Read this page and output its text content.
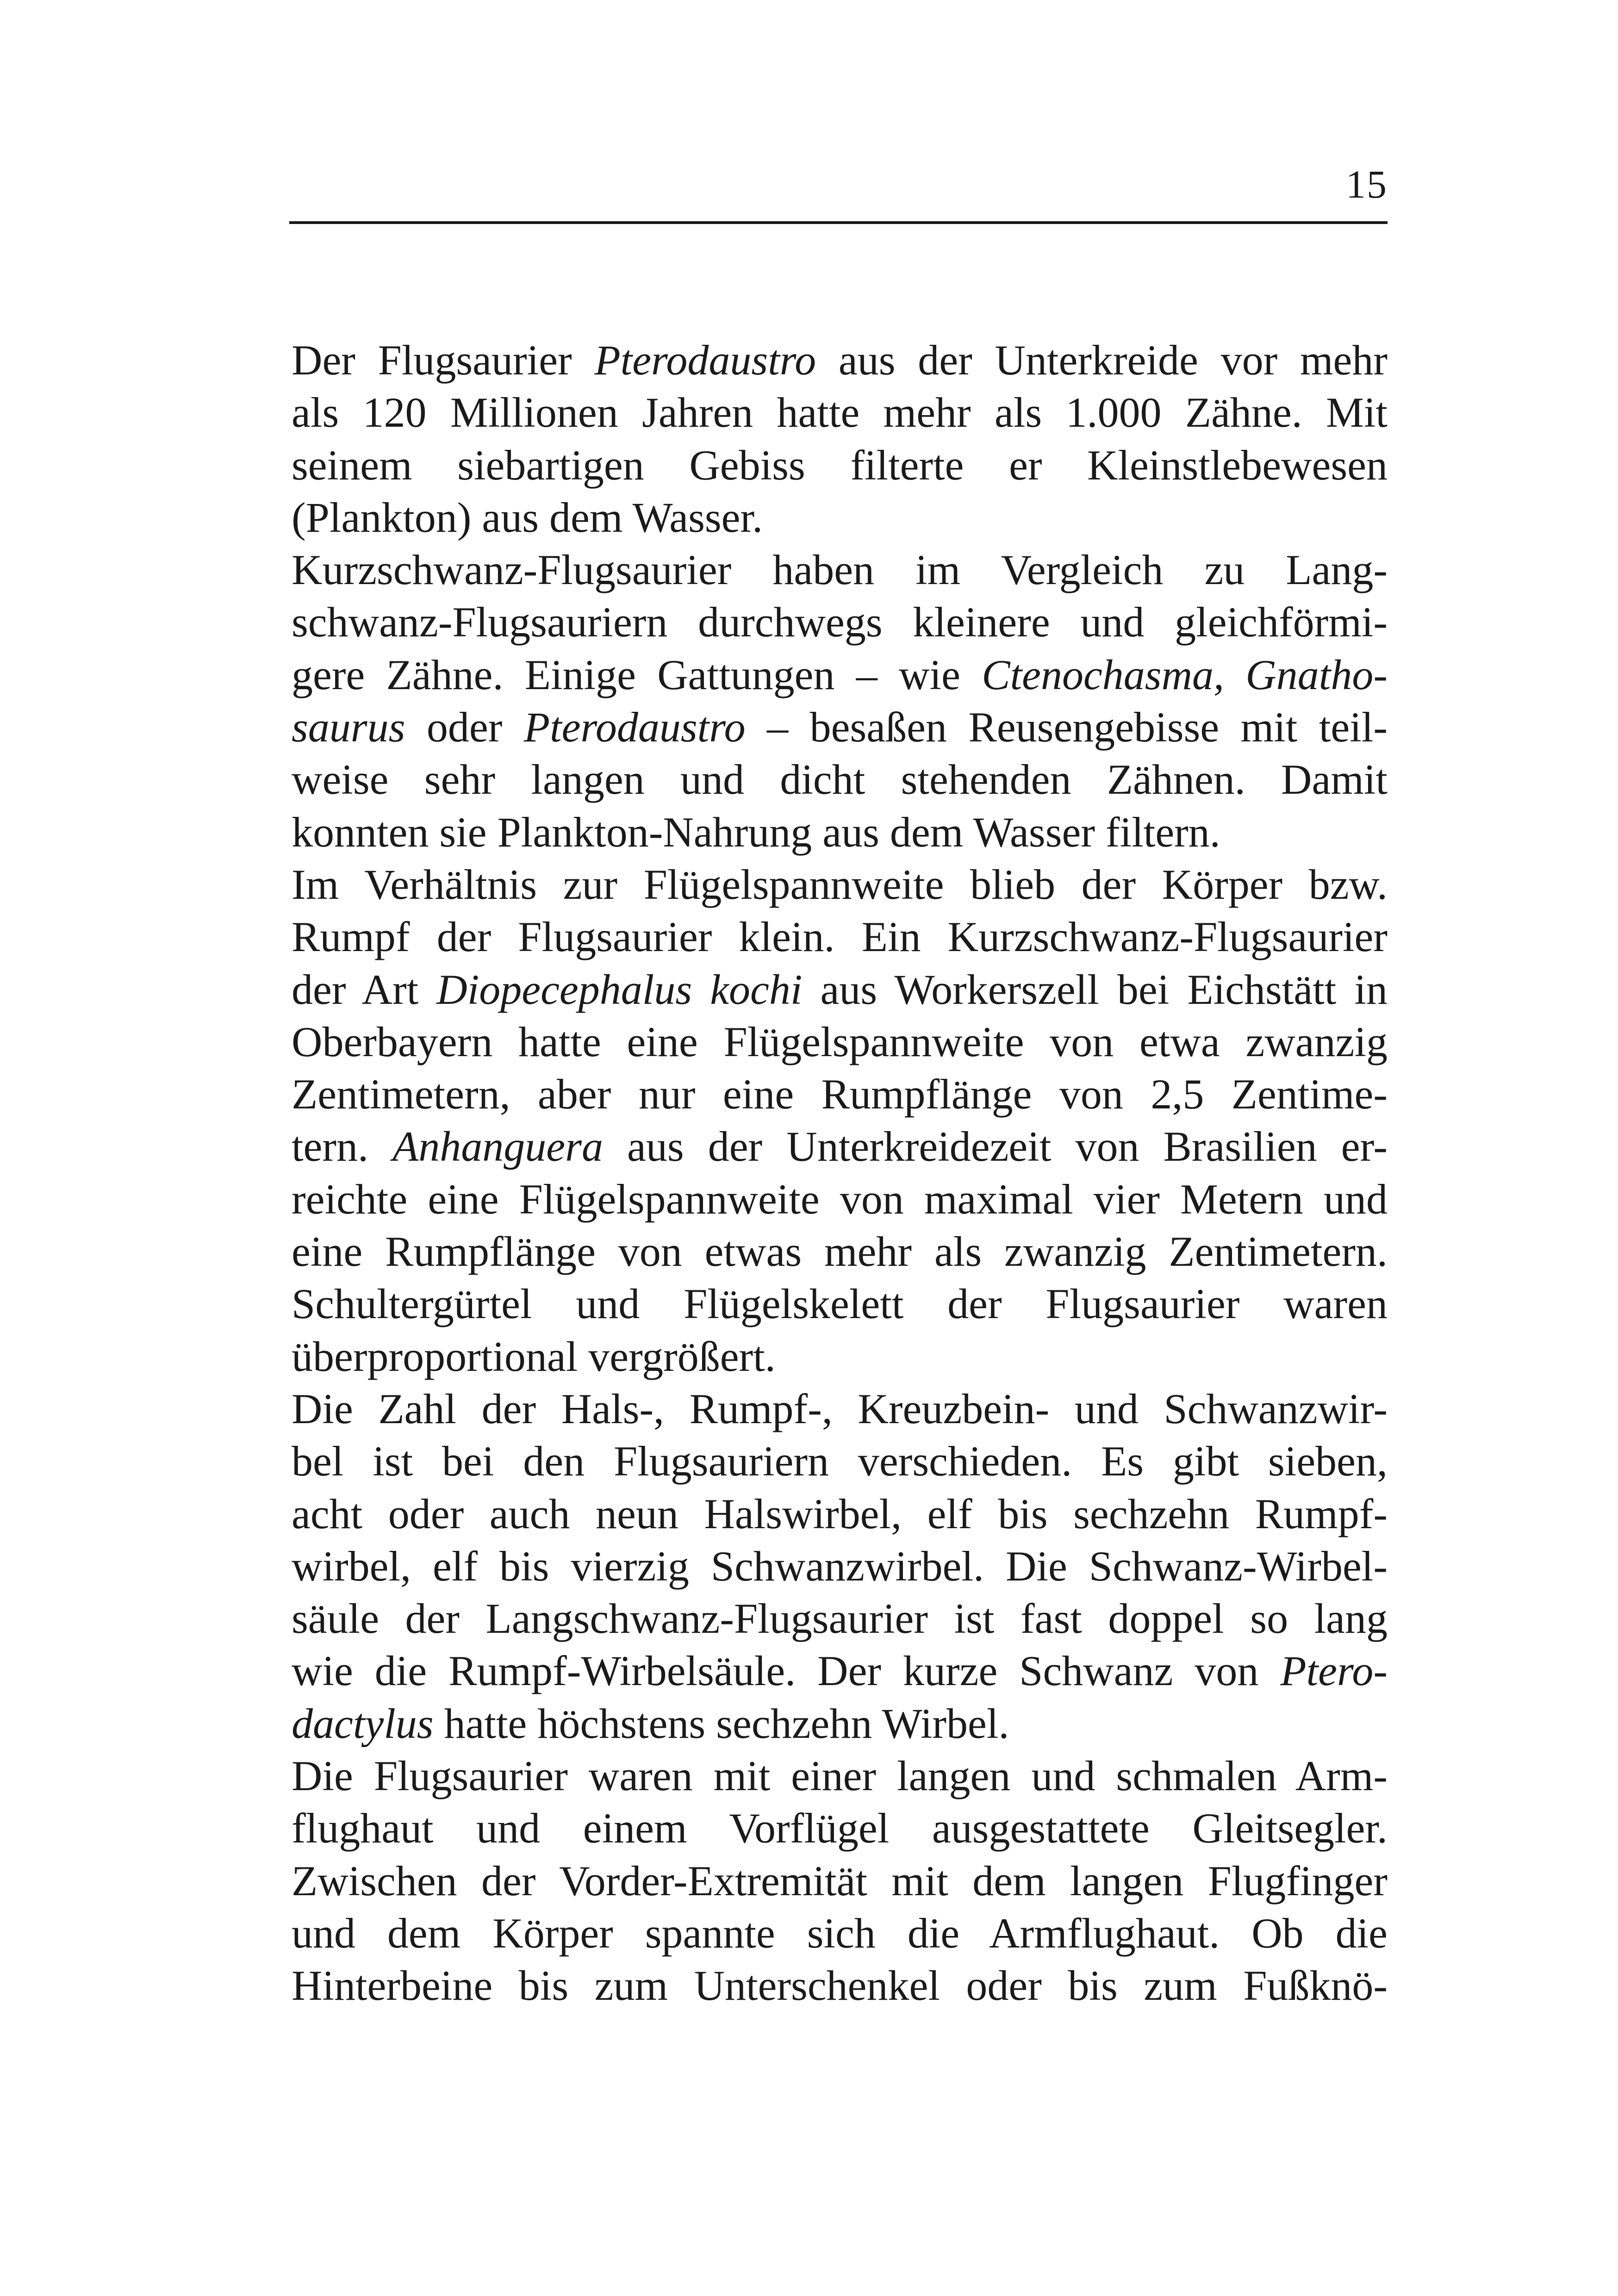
15
Der Flugsaurier Pterodaustro aus der Unterkreide vor mehr
als 120 Millionen Jahren hatte mehr als 1.000 Zähne. Mit
seinem siebartigen Gebiss filterte er Kleinstlebewesen
(Plankton) aus dem Wasser.
Kurzschwanz-Flugsaurier haben im Vergleich zu Lang-
schwanz-Flugsauriern durchwegs kleinere und gleichförmi-
gere Zähne. Einige Gattungen – wie Ctenochasma, Gnatho-
saurus oder Pterodaustro – besaßen Reusengebisse mit teil-
weise sehr langen und dicht stehenden Zähnen. Damit
konnten sie Plankton-Nahrung aus dem Wasser filtern.
Im Verhältnis zur Flügelspannweite blieb der Körper bzw.
Rumpf der Flugsaurier klein. Ein Kurzschwanz-Flugsaurier
der Art Diopecephalus kochi aus Workerszell bei Eichstätt in
Oberbayern hatte eine Flügelspannweite von etwa zwanzig
Zentimetern, aber nur eine Rumpflänge von 2,5 Zentime-
tern. Anhanguera aus der Unterkreidezeit von Brasilien er-
reichte eine Flügelspannweite von maximal vier Metern und
eine Rumpflänge von etwas mehr als zwanzig Zentimetern.
Schultergürtel und Flügelskelett der Flugsaurier waren
überproportional vergrößert.
Die Zahl der Hals-, Rumpf-, Kreuzbein- und Schwanzwir-
bel ist bei den Flugsauriern verschieden. Es gibt sieben,
acht oder auch neun Halswirbel, elf bis sechzehn Rumpf-
wirbel, elf bis vierzig Schwanzwirbel. Die Schwanz-Wirbel-
säule der Langschwanz-Flugsaurier ist fast doppel so lang
wie die Rumpf-Wirbelsäule. Der kurze Schwanz von Ptero-
dactylus hatte höchstens sechzehn Wirbel.
Die Flugsaurier waren mit einer langen und schmalen Arm-
flughaut und einem Vorflügel ausgestattete Gleitsegler.
Zwischen der Vorder-Extremität mit dem langen Flugfinger
und dem Körper spannte sich die Armflughaut. Ob die
Hinterbeine bis zum Unterschenkel oder bis zum Fußknö-
